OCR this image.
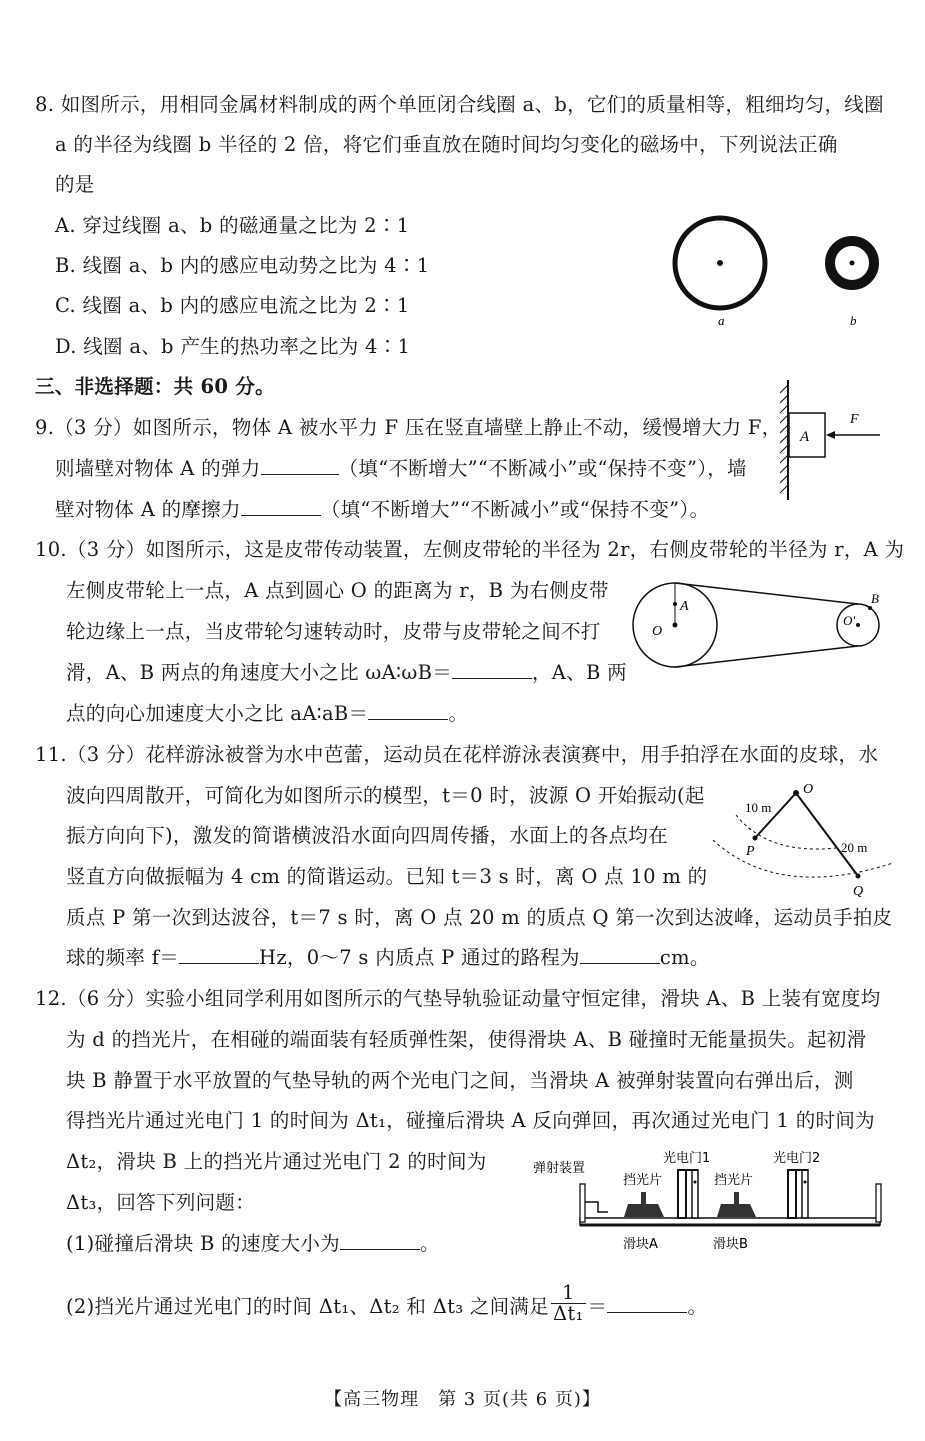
8. 如图所示，用相同金属材料制成的两个单匝闭合线圈 a、b，它们的质量相等，粗细均匀，线圈
a 的半径为线圈 b 半径的 2 倍，将它们垂直放在随时间均匀变化的磁场中，下列说法正确
的是
A. 穿过线圈 a、b 的磁通量之比为 2∶1
B. 线圈 a、b 内的感应电动势之比为 4∶1
C. 线圈 a、b 内的感应电流之比为 2∶1
D. 线圈 a、b 产生的热功率之比为 4∶1
a	b
三、非选择题：共 60 分。
9.（3 分）如图所示，物体 A 被水平力 F 压在竖直墙壁上静止不动，缓慢增大力 F，
则墙壁对物体 A 的弹力	（填“不断增大”“不断减小”或“保持不变”），墙
壁对物体 A 的摩擦力	（填“不断增大”“不断减小”或“保持不变”）。
A
F
10.（3 分）如图所示，这是皮带传动装置，左侧皮带轮的半径为 2r，右侧皮带轮的半径为 r，A 为
左侧皮带轮上一点，A 点到圆心 O 的距离为 r，B 为右侧皮带
轮边缘上一点，当皮带轮匀速转动时，皮带与皮带轮之间不打
滑，A、B 两点的角速度大小之比 ωA∶ωB＝	，A、B 两
点的向心加速度大小之比 aA∶aB＝	。
O
A
O′
B
11.（3 分）花样游泳被誉为水中芭蕾，运动员在花样游泳表演赛中，用手拍浮在水面的皮球，水
波向四周散开，可简化为如图所示的模型，t＝0 时，波源 O 开始振动(起
振方向向下)，激发的简谐横波沿水面向四周传播，水面上的各点均在
竖直方向做振幅为 4 cm 的简谐运动。已知 t＝3 s 时，离 O 点 10 m 的
质点 P 第一次到达波谷，t＝7 s 时，离 O 点 20 m 的质点 Q 第一次到达波峰，运动员手拍皮
球的频率 f＝	Hz，0～7 s 内质点 P 通过的路程为	cm。
O
P
Q
10 m
20 m
12.（6 分）实验小组同学利用如图所示的气垫导轨验证动量守恒定律，滑块 A、B 上装有宽度均
为 d 的挡光片，在相碰的端面装有轻质弹性架，使得滑块 A、B 碰撞时无能量损失。起初滑
块 B 静置于水平放置的气垫导轨的两个光电门之间，当滑块 A 被弹射装置向右弹出后，测
得挡光片通过光电门 1 的时间为 Δt₁，碰撞后滑块 A 反向弹回，再次通过光电门 1 的时间为
Δt₂，滑块 B 上的挡光片通过光电门 2 的时间为
Δt₃，回答下列问题：
(1)碰撞后滑块 B 的速度大小为	。
(2)挡光片通过光电门的时间 Δt₁、Δt₂ 和 Δt₃ 之间满足 $\frac{1}{\text{Δt₁}}$ ＝	。
弹射装置
光电门1	光电门2
挡光片	挡光片
滑块A	滑块B
【高三物理　第 3 页(共 6 页)】
